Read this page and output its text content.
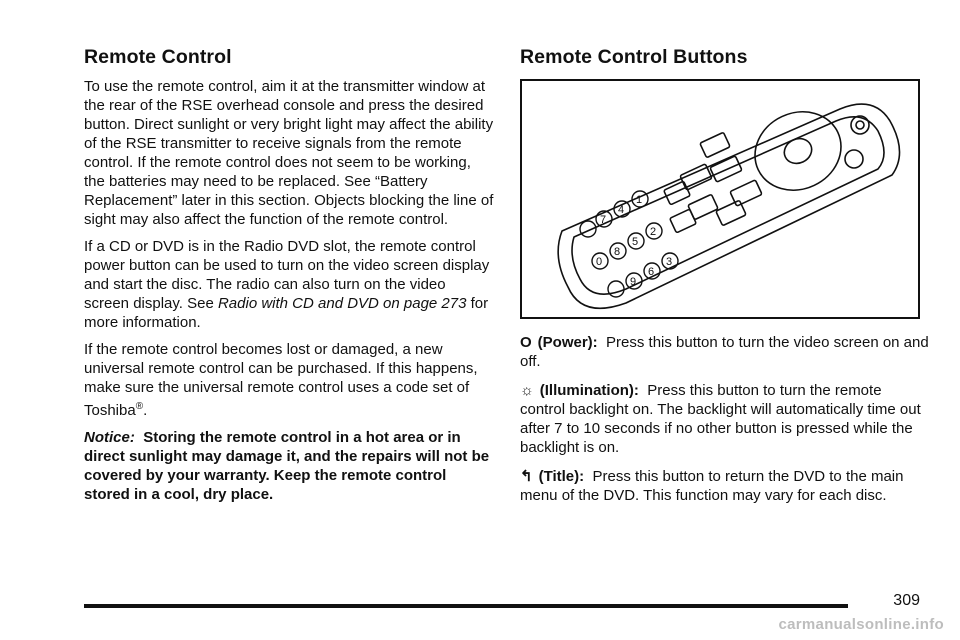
Remote Control

To use the remote control, aim it at the transmitter window at the rear of the RSE overhead console and press the desired button. Direct sunlight or very bright light may affect the ability of the RSE transmitter to receive signals from the remote control. If the remote control does not seem to be working, the batteries may need to be replaced. See “Battery Replacement” later in this section. Objects blocking the line of sight may also affect the function of the remote control.

If a CD or DVD is in the Radio DVD slot, the remote control power button can be used to turn on the video screen display and start the disc. The radio can also turn on the video screen display. See Radio with CD and DVD on page 273 for more information.

If the remote control becomes lost or damaged, a new universal remote control can be purchased. If this happens, make sure the universal remote control uses a code set of Toshiba®.

Notice: Storing the remote control in a hot area or in direct sunlight may damage it, and the repairs will not be covered by your warranty. Keep the remote control stored in a cool, dry place.

Remote Control Buttons
1
2
3
4
5
6
7
8
9
0
O (Power): Press this button to turn the video screen on and off.
☼ (Illumination): Press this button to turn the remote control backlight on. The backlight will automatically time out after 7 to 10 seconds if no other button is pressed while the backlight is on.
↰ (Title): Press this button to return the DVD to the main menu of the DVD. This function may vary for each disc.
309
carmanualsonline.info
